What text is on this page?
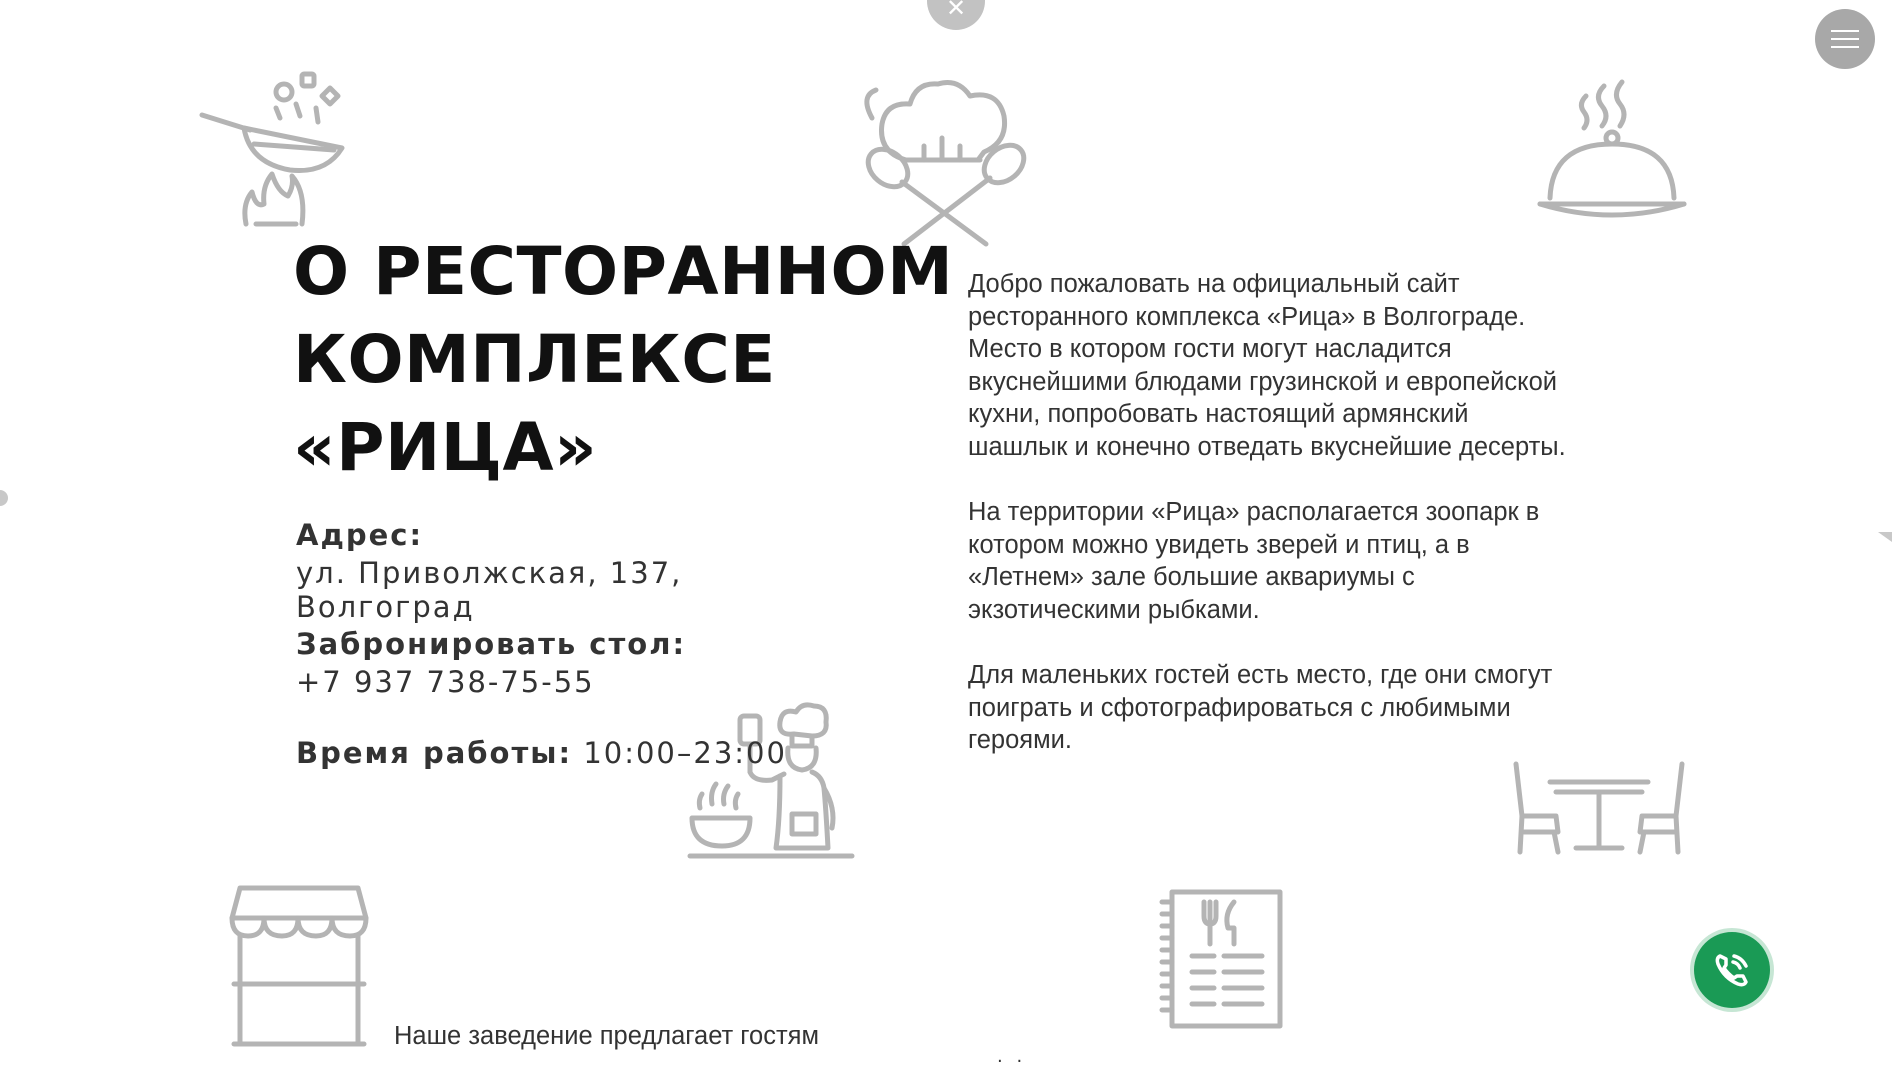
✕
О РЕСТОРАННОМ
КОМПЛЕКСЕ
«РИЦА»
Адрес:
ул. Приволжская, 137, Волгоград
Забронировать стол:
+7 937 738-75-55
Время работы: 10:00–23:00

Добро пожаловать на официальный сайт ресторанного комплекса «Рица» в Волгограде. Место в котором гости могут насладится вкуснейшими блюдами грузинской и европейской кухни, попробовать настоящий армянский шашлык и конечно отведать вкуснейшие десерты.

На территории «Рица» располагается зоопарк в котором можно увидеть зверей и птиц, а в «Летнем» зале большие аквариумы с экзотическими рыбками.

Для маленьких гостей есть место, где они смогут поиграть и сфотографироваться с любимыми героями.

Наше заведение предлагает гостям
. .
